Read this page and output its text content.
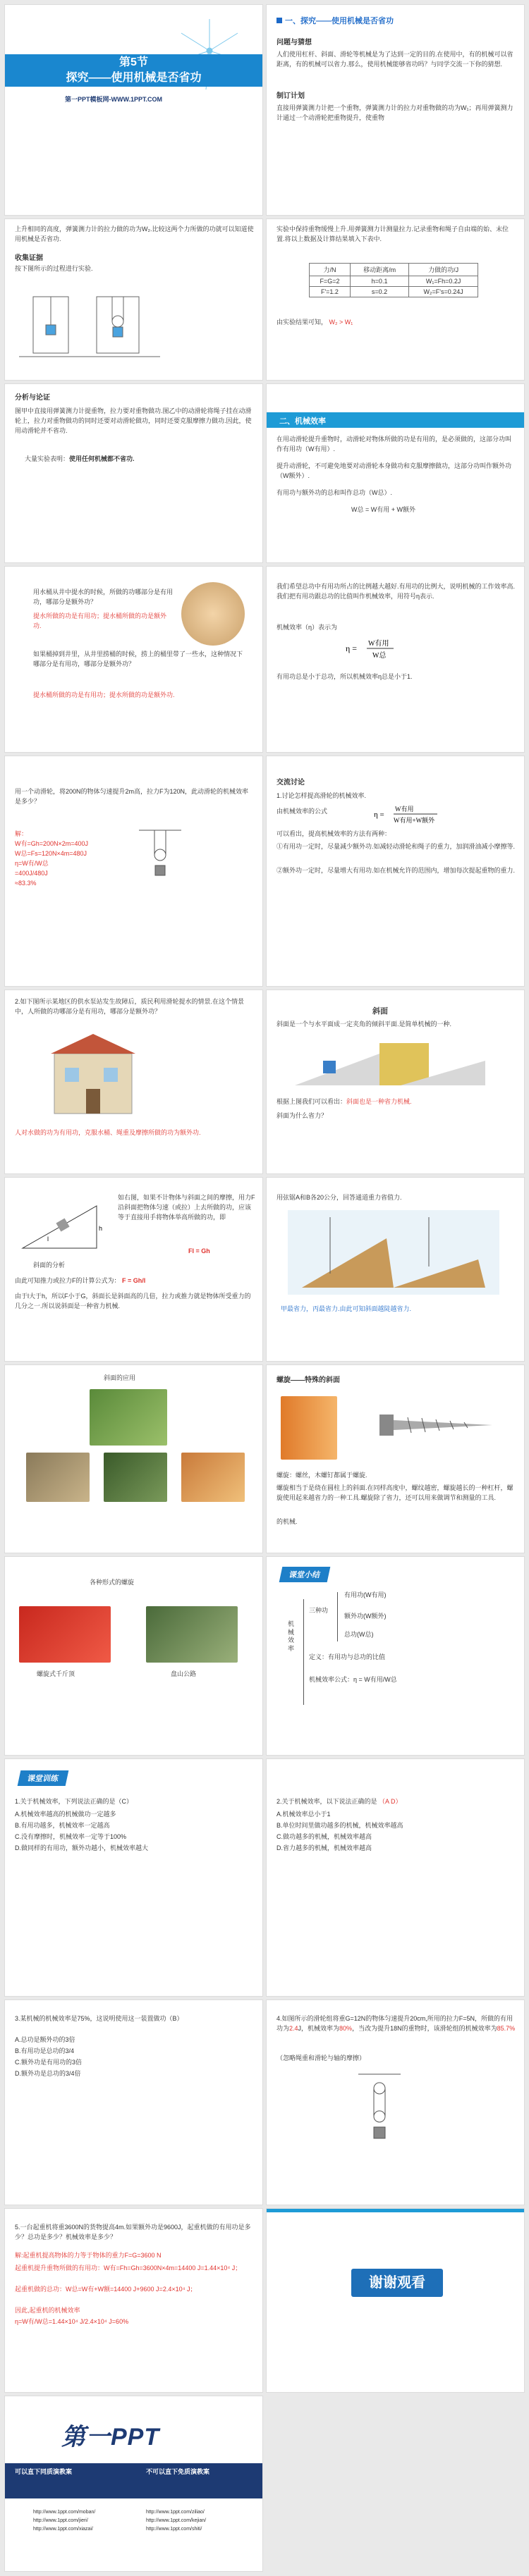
第5节
探究——使用机械是否省功
第一PPT模板网-WWW.1PPT.COM
一、探究——使用机械是否省功
问题与猜想
人们使用杠杆、斜面、滑轮等机械是为了达到一定的目的.在使用中，有的机械可以省距离，有的机械可以省力.那么，使用机械能够省功吗？与同学交流一下你的猜想.
制订计划
直接用弹簧测力计把一个重物，弹簧测力计的拉力对重物做的功为W₁；再用弹簧测力计通过一个动滑轮把重物提升，使重物
上升相同的高度，弹簧测力计的拉力做的功为W₂.比较这两个力所做的功就可以知道使用机械是否省功.
收集证据
按下图所示的过程进行实验.
实验中保持重物缓慢上升.用弹簧测力计测量拉力.记录重物和绳子自由端的始、末位置.将以上数据及计算结果填入下表中.
力/N	移动距离/m	力做的功/J
F=G=2	h=0.1	W₁=Fh=0.2J
F'=1.2	s=0.2	W₂=F's=0.24J
由实验结果可知， W₂ > W₁
分析与论证
图甲中直接用弹簧测力计提重物，拉力要对重物做功.图乙中的动滑轮将绳子挂在动滑轮上，拉力对重物做功的同时还要对动滑轮做功，同时还要克服摩擦力做功.因此，使用动滑轮并不省功.
大量实验表明：使用任何机械都不省功.
二、机械效率
在用动滑轮提升重物时，动滑轮对物体所做的功是有用的，是必须做的，这部分功叫作有用功（W有用）.
提升动滑轮，不可避免地要对动滑轮本身做功和克服摩擦做功，这部分功叫作额外功（W额外）.
有用功与额外功的总和叫作总功（W总）.
W总 = W有用 + W额外
用水桶从井中提水的时候，所做的功哪部分是有用功，哪部分是额外功？
提水所做的功是有用功；提水桶所做的功是额外功.
如果桶掉到井里，从井里捞桶的时候，捞上的桶里带了一些水，这种情况下哪部分是有用功，哪部分是额外功？
提水桶所做的功是有用功；提水所做的功是额外功.
我们希望总功中有用功所占的比例越大越好.有用功的比例大，说明机械的工作效率高.我们把有用功跟总功的比值叫作机械效率，用符号η表示.
机械效率（η）表示为
η = W有用
W总
有用功总是小于总功，所以机械效率η总是小于1.
用一个动滑轮，将200N的物体匀速提升2m高，拉力F为120N，此动滑轮的机械效率是多少？
解：
W有=Gh=200N×2m=400J
W总=Fs=120N×4m=480J
η=W有/W总
=400J/480J
≈83.3%
交流讨论
1.讨论怎样提高滑轮的机械效率.
由机械效率的公式	η =
W有用
W有用+W额外
可以看出，提高机械效率的方法有两种：
①有用功一定时，尽量减少额外功.如减轻动滑轮和绳子的重力，加润滑油减小摩擦等.
②额外功一定时，尽量增大有用功.如在机械允许的范围内，增加每次提起重物的重力.
2.如下图所示某地区的供水泵站发生故障后，质民利用滑轮提水的情景.在这个情景中，人所做的功哪部分是有用功，哪部分是额外功？
人对水做的功为有用功，克服水桶、绳重及摩擦所做的功为额外功.
斜面
斜面是一个与水平面成一定夹角的倾斜平面.是简单机械的一种.
根据上图我们可以看出：斜面也是一种省力机械.
斜面为什么省力？
l
h
斜面的分析
如右图，如果不计物体与斜面之间的摩擦，用力F沿斜面把物体匀速（或拉）上去所做的功，应该等于直接用手将物体举高所做的功，即
Fl = Gh
由此可知推力或拉力F的计算公式为： F = Gh/l
由于l大于h，所以F小于G，斜面长是斜面高的几倍，拉力或推力就是物体所受重力的几分之一.所以说斜面是一种省力机械.
用弦锯A和B各20公分，回答通道重力省值力.
甲最省力，丙最省力.由此可知斜面越陡越省力.
斜面的应用	螺旋——特殊的斜面
螺旋：螺丝，木螺钉都属于螺旋.
螺旋相当于是绕在圆柱上的斜面.在同样高度中，螺纹越密，螺旋越长的一种杠杆，螺旋使用起来越省力的一种工具.螺旋除了省力，还可以用来做调节和测量的工具.
的机械.
各种形式的螺旋
螺旋式千斤顶	盘山公路
课堂小结
机械效率
三种功
有用功(W有用)
额外功(W额外)
总功(W总)
定义：有用功与总功的比值
机械效率公式：η = W有用/W总
课堂训练
1.关于机械效率，下列说法正确的是（C）
A.机械效率越高的机械做功一定越多
B.有用功越多，机械效率一定越高
C.没有摩擦时，机械效率一定等于100%
D.做同样的有用功，额外功越小，机械效率越大
2.关于机械效率，以下说法正确的是 （A D）
A.机械效率总小于1
B.单位时间里做功越多的机械，机械效率越高
C.做功越多的机械，机械效率越高
D.省力越多的机械，机械效率越高
3.某机械的机械效率是75%，这说明使用这一装置做功（B）
A.总功是额外功的3倍
B.有用功是总功的3/4
C.额外功是有用功的3倍
D.额外功是总功的3/4倍
4.如图所示的滑轮组将重G=12N的物体匀速提升20cm,所用的拉力F=5N，所做的有用功为2.4J，机械效率为80%，当改为提升18N的重物时，该滑轮组的机械效率为85.7%
（忽略绳重和滑轮与轴的摩擦）
5.一台起重机将重3600N的货物提高4m.如果额外功是9600J，起重机做的有用功是多少？总功是多少？机械效率是多少？
解:起重机提高物体的力等于物体的重力F=G=3600 N
起重机提升重物所做的有用功：W有=Fh=Gh=3600N×4m=14400 J=1.44×10⁴ J；
起重机做的总功：W总=W有+W额=14400 J+9600 J=2.4×10⁴ J；
因此,起重机的机械效率
η=W有/W总=1.44×10⁴ J/2.4×10⁴ J=60%
谢谢观看
第一PPT
可以直下同质演教案	不可以直下免质演教案
http://www.1ppt.com/moban/
http://www.1ppt.com/jieri/
http://www.1ppt.com/xiazai/
http://www.1ppt.com/ziliao/
http://www.1ppt.com/kejian/
http://www.1ppt.com/shiti/
